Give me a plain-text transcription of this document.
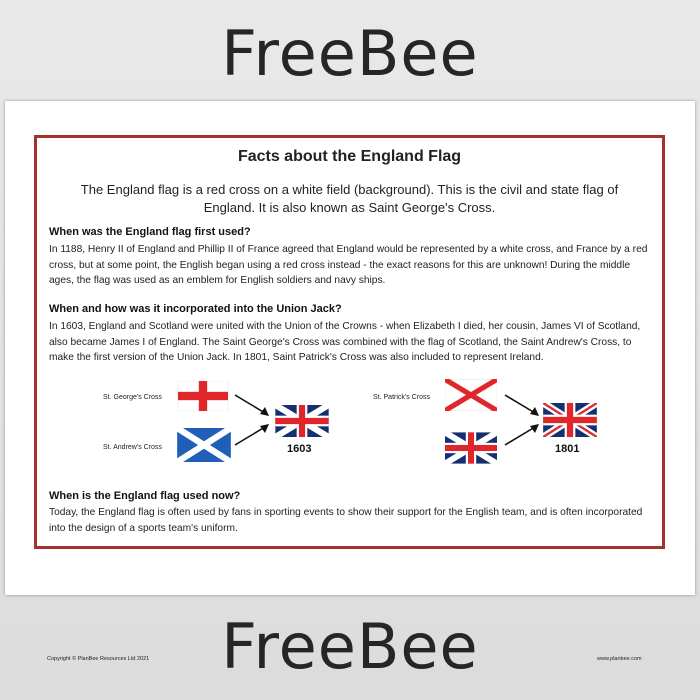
FreeBee
Facts about the England Flag
The England flag is a red cross on a white field (background). This is the civil and state flag of England. It is also known as Saint George's Cross.
When was the England flag first used?
In 1188, Henry II of England and Phillip II of France agreed that England would be represented by a white cross, and France by a red cross, but at some point, the English began using a red cross instead - the exact reasons for this are unknown! During the middle ages, the flag was used as an emblem for English soldiers and navy ships.
When and how was it incorporated into the Union Jack?
In 1603, England and Scotland were united with the Union of the Crowns - when Elizabeth I died, her cousin, James VI of Scotland, also became James I of England. The Saint George's Cross was combined with the flag of Scotland, the Saint Andrew's Cross, to make the first version of the Union Jack. In 1801, Saint Patrick's Cross was also included to represent Ireland.
St. George's Cross
St. Andrew's Cross	1603
St. Patrick's Cross
1801
When is the England flag used now?
Today, the England flag is often used by fans in sporting events to show their support for the English team, and is often incorporated into the design of a sports team's uniform.
Copyright © PlanBee Resources Ltd 2021	www.planbee.com
FreeBee
